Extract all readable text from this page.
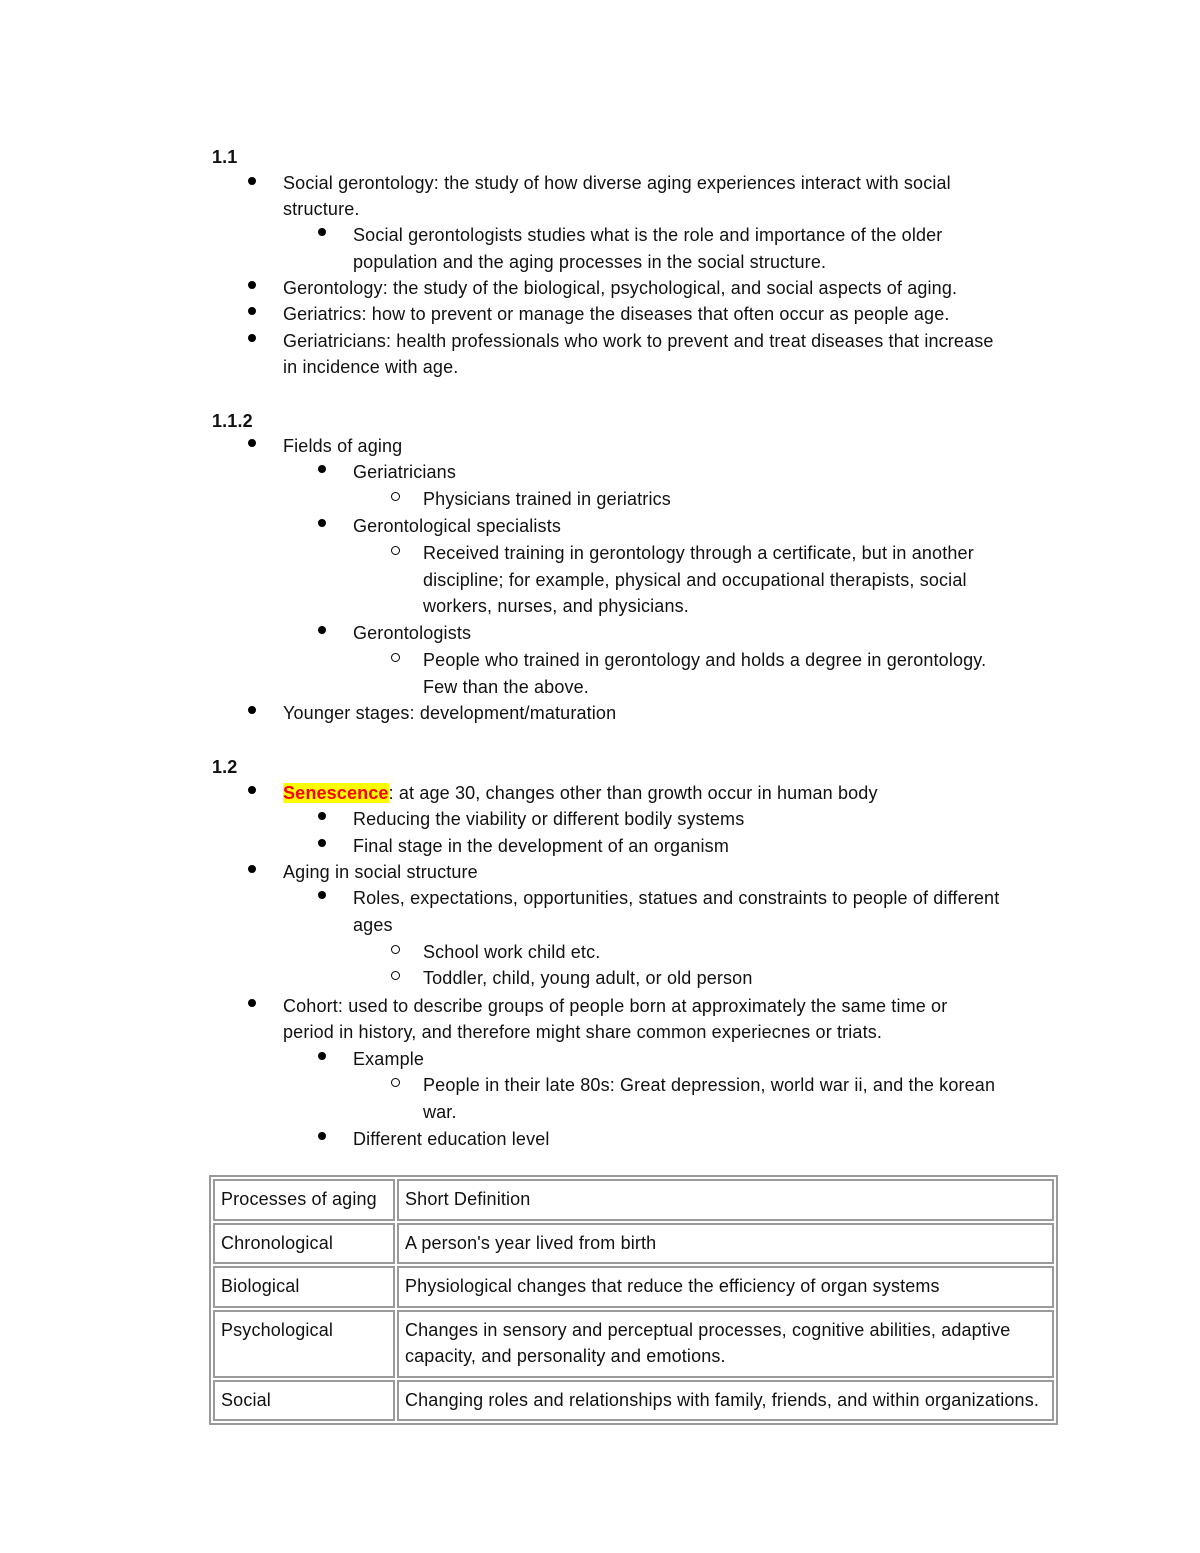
1.1
Social gerontology: the study of how diverse aging experiences interact with social
structure.
Social gerontologists studies what is the role and importance of the older
population and the aging processes in the social structure.
Gerontology: the study of the biological, psychological, and social aspects of aging.
Geriatrics: how to prevent or manage the diseases that often occur as people age.
Geriatricians: health professionals who work to prevent and treat diseases that increase
in incidence with age.
1.1.2
Fields of aging
Geriatricians
Physicians trained in geriatrics
Gerontological specialists
Received training in gerontology through a certificate, but in another
discipline; for example, physical and occupational therapists, social
workers, nurses, and physicians.
Gerontologists
People who trained in gerontology and holds a degree in gerontology.
Few than the above.
Younger stages: development/maturation
1.2
Senescence: at age 30, changes other than growth occur in human body
Reducing the viability or different bodily systems
Final stage in the development of an organism
Aging in social structure
Roles, expectations, opportunities, statues and constraints to people of different
ages
School work child etc.
Toddler, child, young adult, or old person
Cohort: used to describe groups of people born at approximately the same time or
period in history, and therefore might share common experiecnes or triats.
Example
People in their late 80s: Great depression, world war ii, and the korean
war.
Different education level
Processes of aging	Short Definition
Chronological	A person's year lived from birth
Biological	Physiological changes that reduce the efficiency of organ systems
Psychological	Changes in sensory and perceptual processes, cognitive abilities, adaptive capacity, and personality and emotions.
Social	Changing roles and relationships with family, friends, and within organizations.
